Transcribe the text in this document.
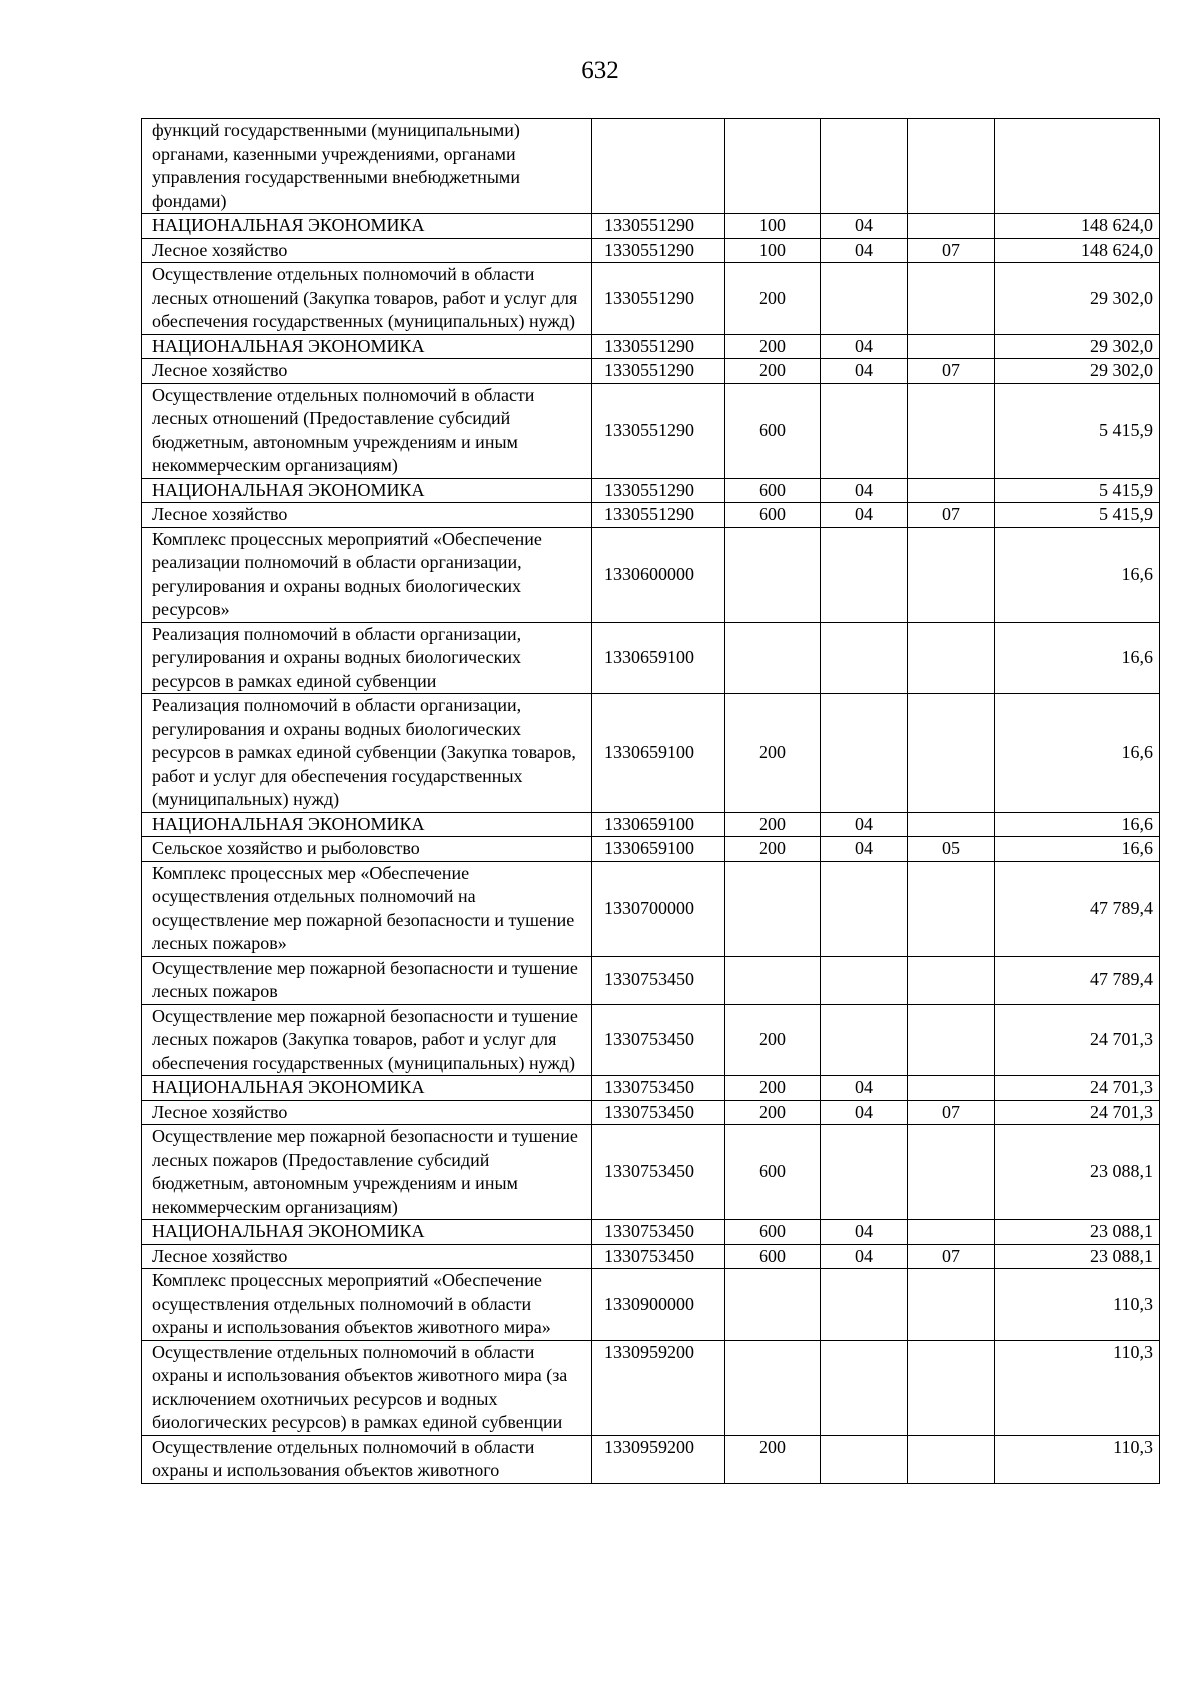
632
функций государственными (муниципальными) органами, казенными учреждениями, органами управления государственными внебюджетными фондами)					
НАЦИОНАЛЬНАЯ ЭКОНОМИКА	1330551290	100	04		148 624,0
Лесное хозяйство	1330551290	100	04	07	148 624,0
Осуществление отдельных полномочий в области лесных отношений (Закупка товаров, работ и услуг для обеспечения государственных (муниципальных) нужд)	1330551290	200			29 302,0
НАЦИОНАЛЬНАЯ ЭКОНОМИКА	1330551290	200	04		29 302,0
Лесное хозяйство	1330551290	200	04	07	29 302,0
Осуществление отдельных полномочий в области лесных отношений (Предоставление субсидий бюджетным, автономным учреждениям и иным некоммерческим организациям)	1330551290	600			5 415,9
НАЦИОНАЛЬНАЯ ЭКОНОМИКА	1330551290	600	04		5 415,9
Лесное хозяйство	1330551290	600	04	07	5 415,9
Комплекс процессных мероприятий «Обеспечение реализации полномочий в области организации, регулирования и охраны водных биологических ресурсов»	1330600000				16,6
Реализация полномочий в области организации, регулирования и охраны водных биологических ресурсов в рамках единой субвенции	1330659100				16,6
Реализация полномочий в области организации, регулирования и охраны водных биологических ресурсов в рамках единой субвенции (Закупка товаров, работ и услуг для обеспечения государственных (муниципальных) нужд)	1330659100	200			16,6
НАЦИОНАЛЬНАЯ ЭКОНОМИКА	1330659100	200	04		16,6
Сельское хозяйство и рыболовство	1330659100	200	04	05	16,6
Комплекс процессных мер «Обеспечение осуществления отдельных полномочий на осуществление мер пожарной безопасности и тушение лесных пожаров»	1330700000				47 789,4
Осуществление мер пожарной безопасности и тушение лесных пожаров	1330753450				47 789,4
Осуществление мер пожарной безопасности и тушение лесных пожаров (Закупка товаров, работ и услуг для обеспечения государственных (муниципальных) нужд)	1330753450	200			24 701,3
НАЦИОНАЛЬНАЯ ЭКОНОМИКА	1330753450	200	04		24 701,3
Лесное хозяйство	1330753450	200	04	07	24 701,3
Осуществление мер пожарной безопасности и тушение лесных пожаров (Предоставление субсидий бюджетным, автономным учреждениям и иным некоммерческим организациям)	1330753450	600			23 088,1
НАЦИОНАЛЬНАЯ ЭКОНОМИКА	1330753450	600	04		23 088,1
Лесное хозяйство	1330753450	600	04	07	23 088,1
Комплекс процессных мероприятий «Обеспечение осуществления отдельных полномочий в области охраны и использования объектов животного мира»	1330900000				110,3
Осуществление отдельных полномочий в области охраны и использования объектов животного мира (за исключением охотничьих ресурсов и водных биологических ресурсов) в рамках единой субвенции	1330959200				110,3
Осуществление отдельных полномочий в области охраны и использования объектов животного	1330959200	200			110,3
